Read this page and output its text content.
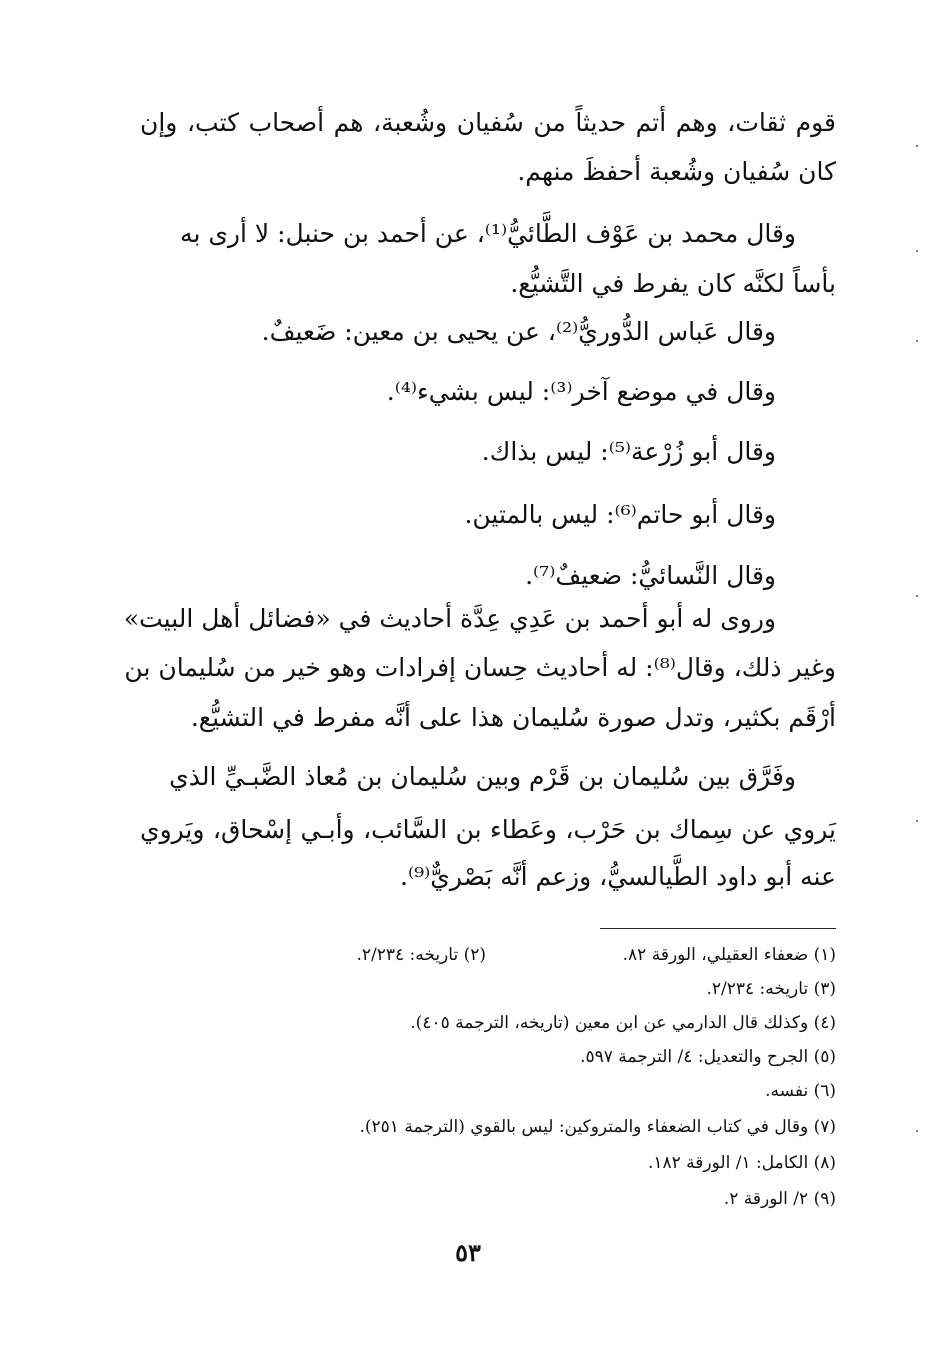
قوم ثقات، وهم أتم حديثاً من سُفيان وشُعبة، هم أصحاب كتب، وإن
كان سُفيان وشُعبة أحفظَ منهم.
وقال محمد بن عَوْف الطَّائيُّ⁽¹⁾، عن أحمد بن حنبل: لا أرى به
بأساً لكنَّه كان يفرط في التَّشيُّع.
وقال عَباس الدُّوريُّ⁽²⁾، عن يحيى بن معين: ضَعيفٌ.
وقال في موضع آخر⁽³⁾: ليس بشيء⁽⁴⁾.
وقال أبو زُرْعة⁽⁵⁾: ليس بذاك.
وقال أبو حاتم⁽⁶⁾: ليس بالمتين.
وقال النَّسائيُّ: ضعيفٌ⁽⁷⁾.
وروى له أبو أحمد بن عَدِي عِدَّة أحاديث في «فضائل أهل البيت»
وغير ذلك، وقال⁽⁸⁾: له أحاديث حِسان إفرادات وهو خير من سُليمان بن
أرْقَم بكثير، وتدل صورة سُليمان هذا على أنَّه مفرط في التشيُّع.
وفَرَّق بين سُليمان بن قَرْم وبين سُليمان بن مُعاذ الضَّبـيِّ الذي
يَروي عن سِماك بن حَرْب، وعَطاء بن السَّائب، وأبـي إسْحاق، ويَروي
عنه أبو داود الطَّيالسيُّ، وزعم أنَّه بَصْريٌّ⁽⁹⁾.
(١) ضعفاء العقيلي، الورقة ٨٢.
(٢) تاريخه: ٢/٢٣٤.
(٣) تاريخه: ٢/٢٣٤.
(٤) وكذلك قال الدارمي عن ابن معين (تاريخه، الترجمة ٤٠٥).
(٥) الجرح والتعديل: ٤/ الترجمة ٥٩٧.
(٦) نفسه.
(٧) وقال في كتاب الضعفاء والمتروكين: ليس بالقوي (الترجمة ٢٥١).
(٨) الكامل: ١/ الورقة ١٨٢.
(٩) ٢/ الورقة ٢.
٥٣
